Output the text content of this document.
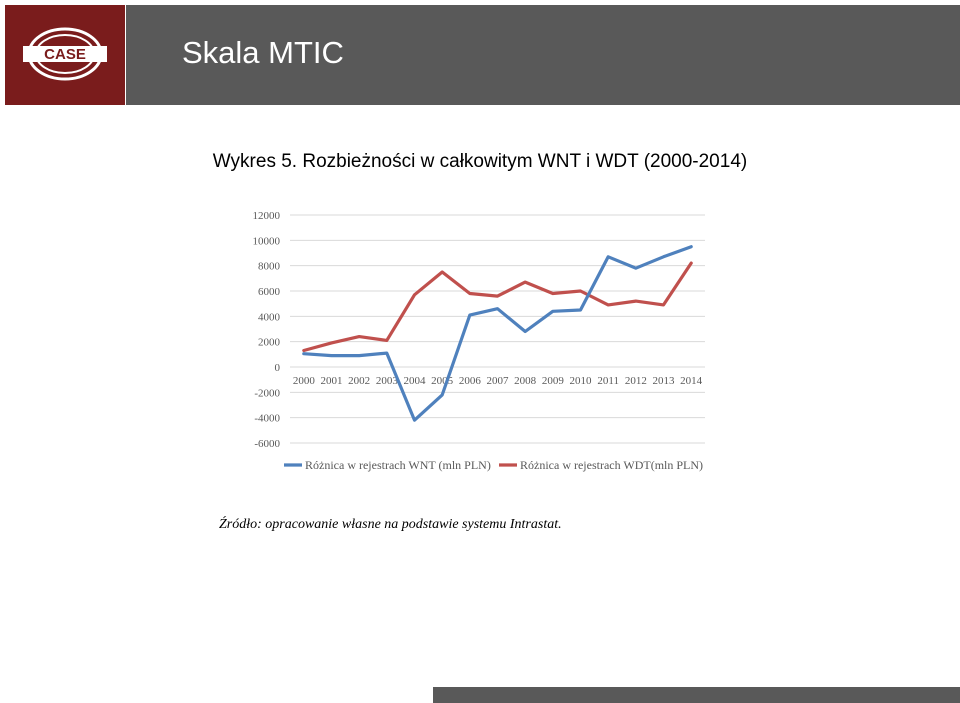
CASE	Skala MTIC
Wykres 5. Rozbieżności w całkowitym WNT i WDT (2000-2014)
12000
10000
8000
6000
4000
2000
0
-2000
-4000
-6000
2000 2001 2002 2003 2004 2005 2006 2007 2008 2009 2010 2011 2012 2013 2014
Różnica w rejestrach WNT (mln PLN) Różnica w rejestrach WDT(mln PLN)
Źródło: opracowanie własne na podstawie systemu Intrastat.
